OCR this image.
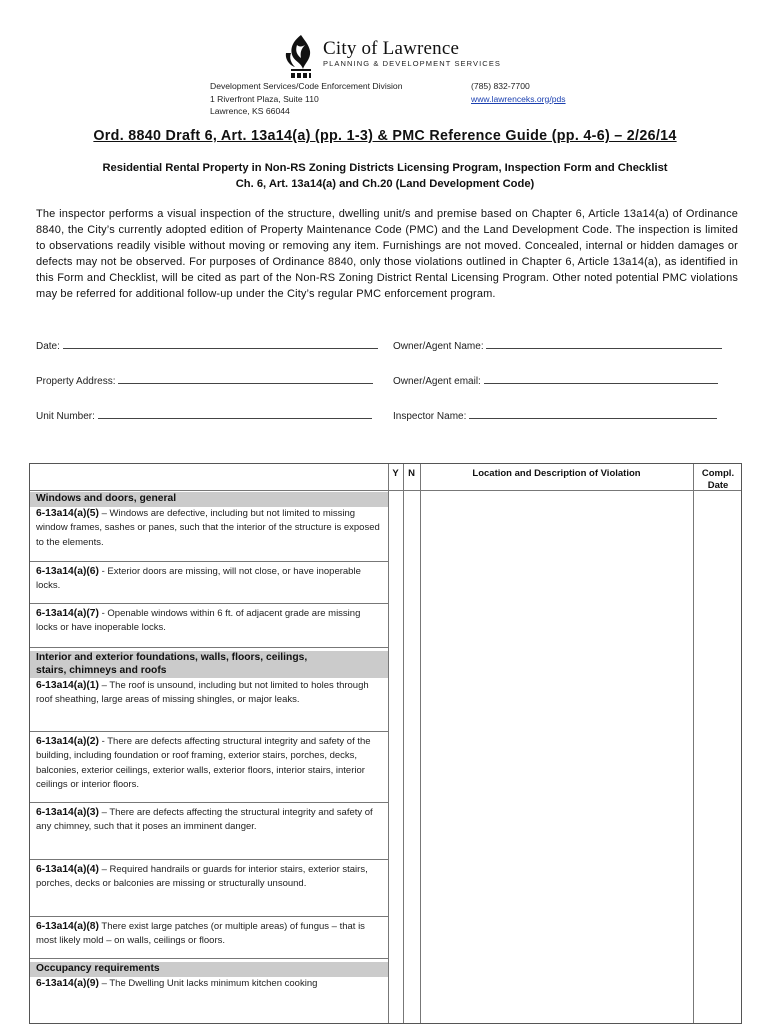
City of Lawrence
PLANNING & DEVELOPMENT SERVICES
Development Services/Code Enforcement Division
1 Riverfront Plaza, Suite 110
Lawrence, KS 66044
(785) 832-7700
www.lawrenceks.org/pds
Ord. 8840 Draft 6, Art. 13a14(a) (pp. 1-3) & PMC Reference Guide (pp. 4-6) – 2/26/14
Residential Rental Property in Non-RS Zoning Districts Licensing Program, Inspection Form and Checklist
Ch. 6, Art. 13a14(a) and Ch.20 (Land Development Code)
The inspector performs a visual inspection of the structure, dwelling unit/s and premise based on Chapter 6, Article 13a14(a) of Ordinance 8840, the City’s currently adopted edition of Property Maintenance Code (PMC) and the Land Development Code. The inspection is limited to observations readily visible without moving or removing any item. Furnishings are not moved. Concealed, internal or hidden damages or defects may not be observed. For purposes of Ordinance 8840, only those violations outlined in Chapter 6, Article 13a14(a), as identified in this Form and Checklist, will be cited as part of the Non-RS Zoning District Rental Licensing Program. Other noted potential PMC violations may be referred for additional follow-up under the City’s regular PMC enforcement program.
Date:	Owner/Agent Name:
Property Address:	Owner/Agent email:
Unit Number:	Inspector Name:
Y N	Location and Description of Violation	Compl.
Date
Windows and doors, general
6-13a14(a)(5) – Windows are defective, including but not limited to missing window frames, sashes or panes, such that the interior of the structure is exposed to the elements.
6-13a14(a)(6) - Exterior doors are missing, will not close, or have inoperable locks.
6-13a14(a)(7) - Openable windows within 6 ft. of adjacent grade are missing locks or have inoperable locks.
Interior and exterior foundations, walls, floors, ceilings,
stairs, chimneys and roofs
6-13a14(a)(1) – The roof is unsound, including but not limited to holes through roof sheathing, large areas of missing shingles, or major leaks.
6-13a14(a)(2) - There are defects affecting structural integrity and safety of the building, including foundation or roof framing, exterior stairs, porches, decks, balconies, exterior ceilings, exterior walls, exterior floors, interior stairs, interior ceilings or interior floors.
6-13a14(a)(3) – There are defects affecting the structural integrity and safety of any chimney, such that it poses an imminent danger.
6-13a14(a)(4) – Required handrails or guards for interior stairs, exterior stairs, porches, decks or balconies are missing or structurally unsound.
6-13a14(a)(8) There exist large patches (or multiple areas) of fungus – that is most likely mold – on walls, ceilings or floors.
Occupancy requirements
6-13a14(a)(9) – The Dwelling Unit lacks minimum kitchen cooking
